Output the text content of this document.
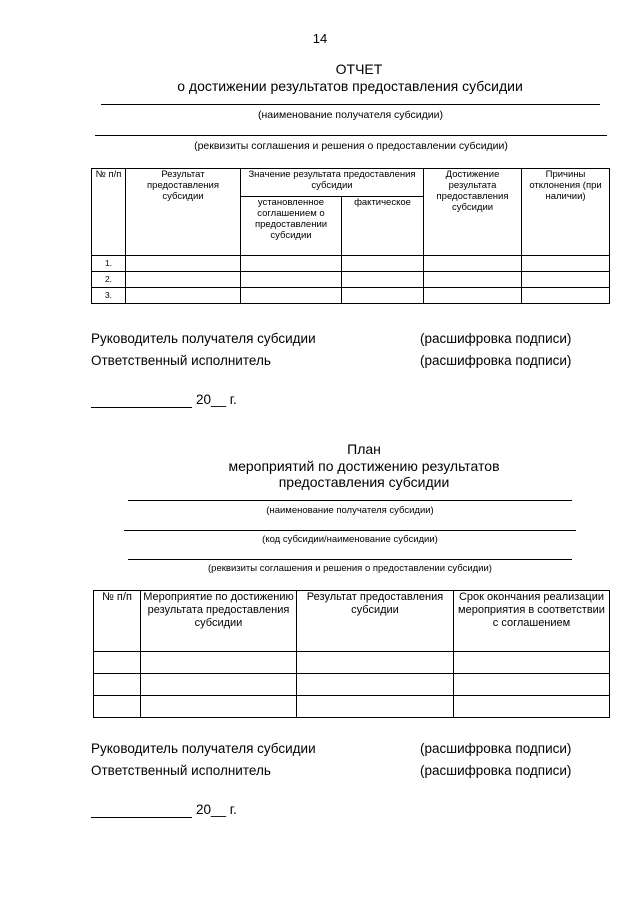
14
ОТЧЕТ
о достижении результатов предоставления субсидии
(наименование получателя субсидии)
(реквизиты соглашения и решения о предоставлении субсидии)
№ п/п	Результат предоставления субсидии	Значение результата предоставления субсидии		Достижение результата предоставления субсидии	Причины отклонения (при наличии)
		установленное соглашением о предоставлении субсидии	фактическое		
1.					
2.					
3.					
Руководитель получателя субсидии	(расшифровка подписи)
Ответственный исполнитель	(расшифровка подписи)
20__ г.
План
мероприятий по достижению результатов
предоставления субсидии
(наименование получателя субсидии)
(код субсидии/наименование субсидии)
(реквизиты соглашения и решения о предоставлении субсидии)
№ п/п	Мероприятие по достижению результата предоставления субсидии	Результат предоставления субсидии	Срок окончания реализации мероприятия в соответствии с соглашением

Руководитель получателя субсидии	(расшифровка подписи)
Ответственный исполнитель	(расшифровка подписи)
20__ г.
